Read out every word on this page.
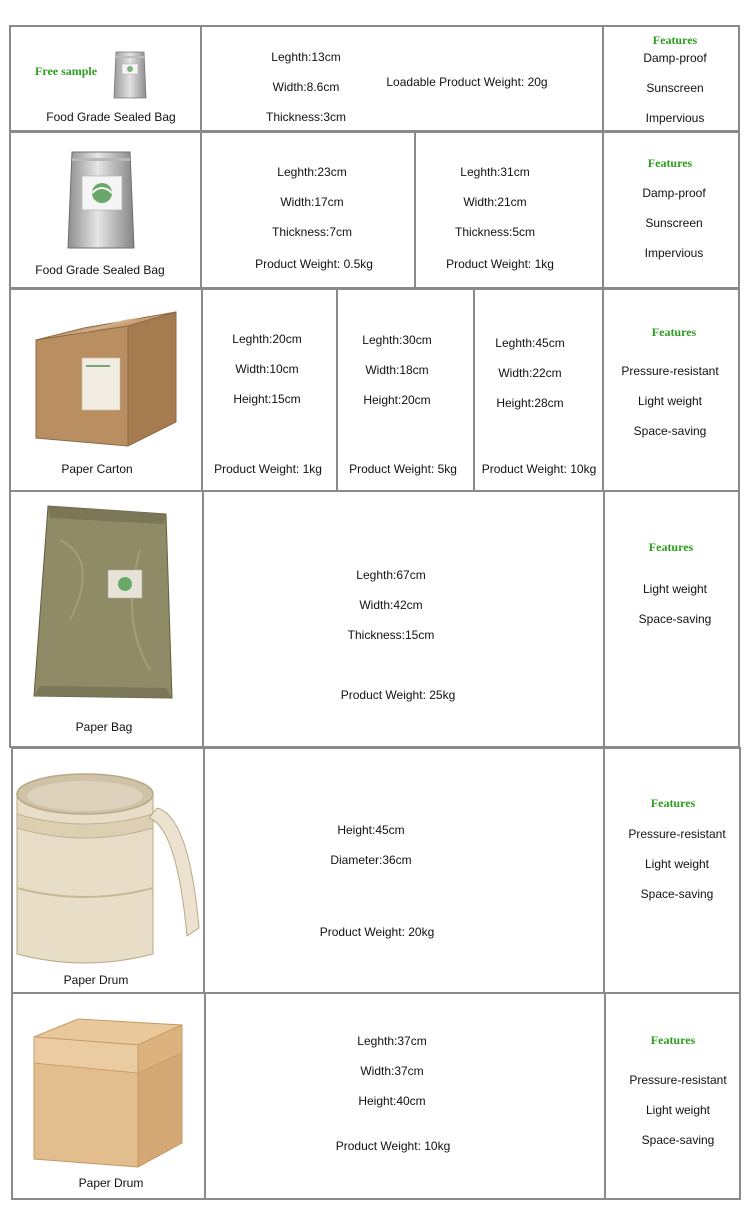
Free sample
Food Grade Sealed Bag
Leghth:13cm
Width:8.6cm
Thickness:3cm
Loadable Product Weight: 20g
Features
Damp-proof
Sunscreen
Impervious
Food Grade Sealed Bag
Leghth:23cm
Width:17cm
Thickness:7cm
Product Weight: 0.5kg
Leghth:31cm
Width:21cm
Thickness:5cm
Product Weight: 1kg
Features
Damp-proof
Sunscreen
Impervious
Paper Carton
Leghth:20cm
Width:10cm
Height:15cm
Product Weight: 1kg
Leghth:30cm
Width:18cm
Height:20cm
Product Weight: 5kg
Leghth:45cm
Width:22cm
Height:28cm
Product Weight: 10kg
Features
Pressure-resistant
Light weight
Space-saving
Paper Bag
Leghth:67cm
Width:42cm
Thickness:15cm
Product Weight: 25kg
Features
Light weight
Space-saving
Paper Drum
Height:45cm
Diameter:36cm
Product Weight: 20kg
Features
Pressure-resistant
Light weight
Space-saving
Paper Drum
Leghth:37cm
Width:37cm
Height:40cm
Product Weight: 10kg
Features
Pressure-resistant
Light weight
Space-saving
